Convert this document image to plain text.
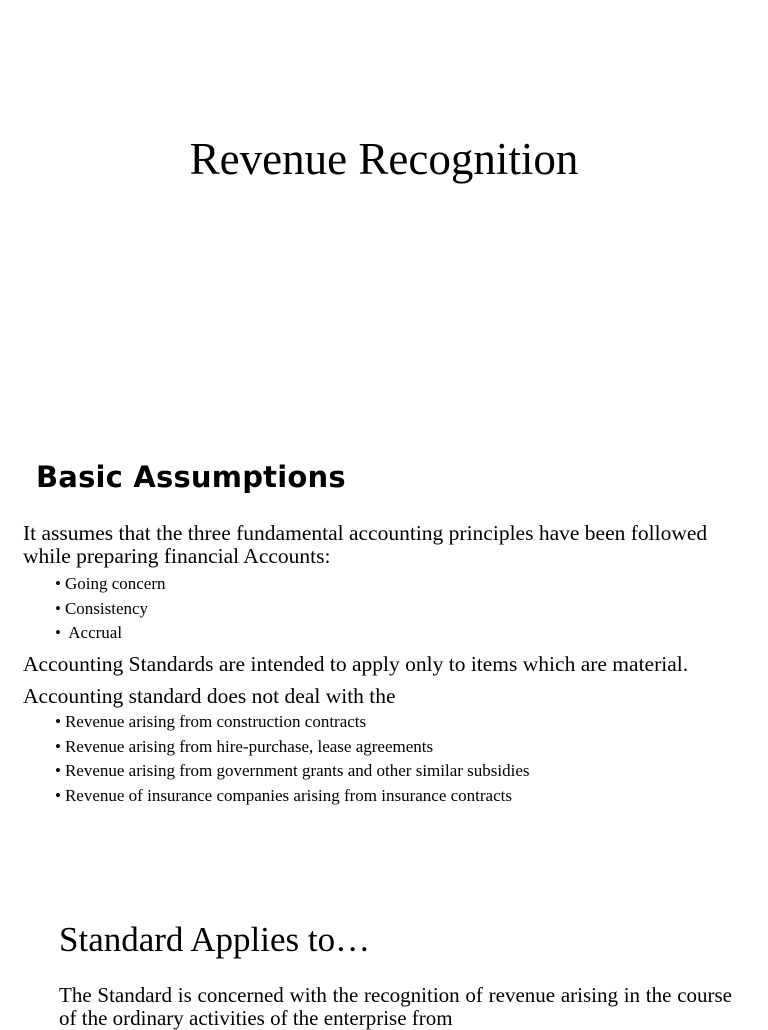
Revenue Recognition
Basic Assumptions

It assumes that the three fundamental accounting principles have been followed while preparing financial Accounts:

• Going concern
• Consistency
• Accrual

Accounting Standards are intended to apply only to items which are material.

Accounting standard does not deal with the

• Revenue arising from construction contracts
• Revenue arising from hire-purchase, lease agreements
• Revenue arising from government grants and other similar subsidies
• Revenue of insurance companies arising from insurance contracts
Standard Applies to…

The Standard is concerned with the recognition of revenue arising in the course of the ordinary activities of the enterprise from
